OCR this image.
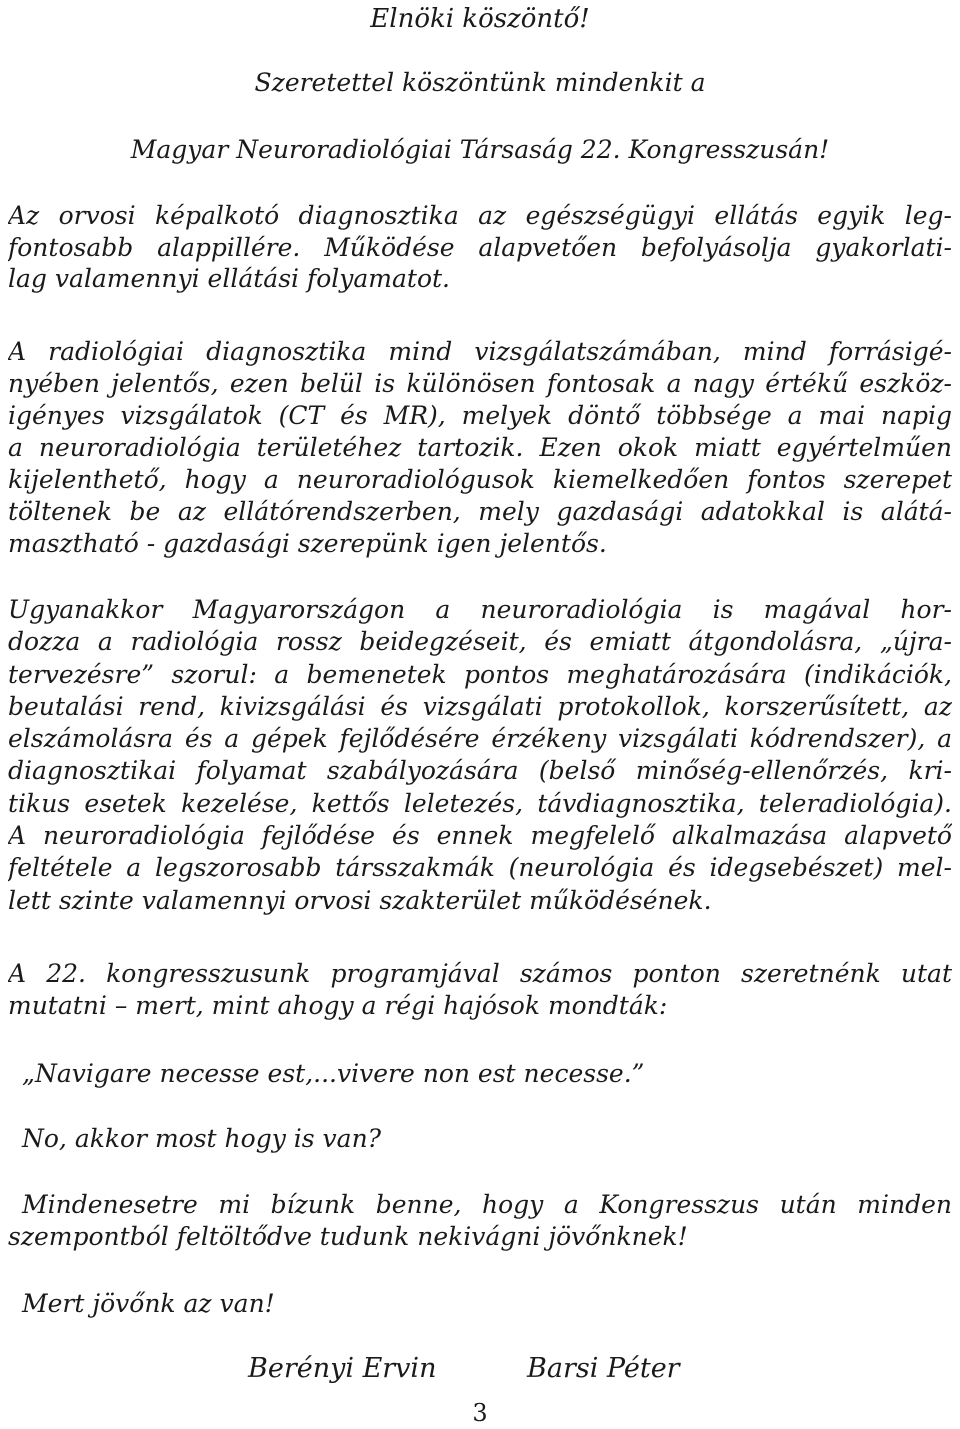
Elnöki köszöntő!

Szeretettel köszöntünk mindenkit a

Magyar Neuroradiológiai Társaság 22. Kongresszusán!

Az orvosi képalkotó diagnosztika az egészségügyi ellátás egyik leg-
fontosabb alappillére. Működése alapvetően befolyásolja gyakorlati-
lag valamennyi ellátási folyamatot.
A radiológiai diagnosztika mind vizsgálatszámában, mind forrásigé-
nyében jelentős, ezen belül is különösen fontosak a nagy értékű eszköz-
igényes vizsgálatok (CT és MR), melyek döntő többsége a mai napig
a neuroradiológia területéhez tartozik. Ezen okok miatt egyértelműen
kijelenthető, hogy a neuroradiológusok kiemelkedően fontos szerepet
töltenek be az ellátórendszerben, mely gazdasági adatokkal is alátá-
masztható - gazdasági szerepünk igen jelentős.
Ugyanakkor Magyarországon a neuroradiológia is magával hor-
dozza a radiológia rossz beidegzéseit, és emiatt átgondolásra, „újra-
tervezésre” szorul: a bemenetek pontos meghatározására (indikációk,
beutalási rend, kivizsgálási és vizsgálati protokollok, korszerűsített, az
elszámolásra és a gépek fejlődésére érzékeny vizsgálati kódrendszer), a
diagnosztikai folyamat szabályozására (belső minőség-ellenőrzés, kri-
tikus esetek kezelése, kettős leletezés, távdiagnosztika, teleradiológia).
A neuroradiológia fejlődése és ennek megfelelő alkalmazása alapvető
feltétele a legszorosabb társszakmák (neurológia és idegsebészet) mel-
lett szinte valamennyi orvosi szakterület működésének.
A 22. kongresszusunk programjával számos ponton szeretnénk utat
mutatni – mert, mint ahogy a régi hajósok mondták:

„Navigare necesse est,...vivere non est necesse.”

No, akkor most hogy is van?

Mindenesetre mi bízunk benne, hogy a Kongresszus után minden
szempontból feltöltődve tudunk nekivágni jövőnknek!

Mert jövőnk az van!

Berényi Ervin	Barsi Péter
3
